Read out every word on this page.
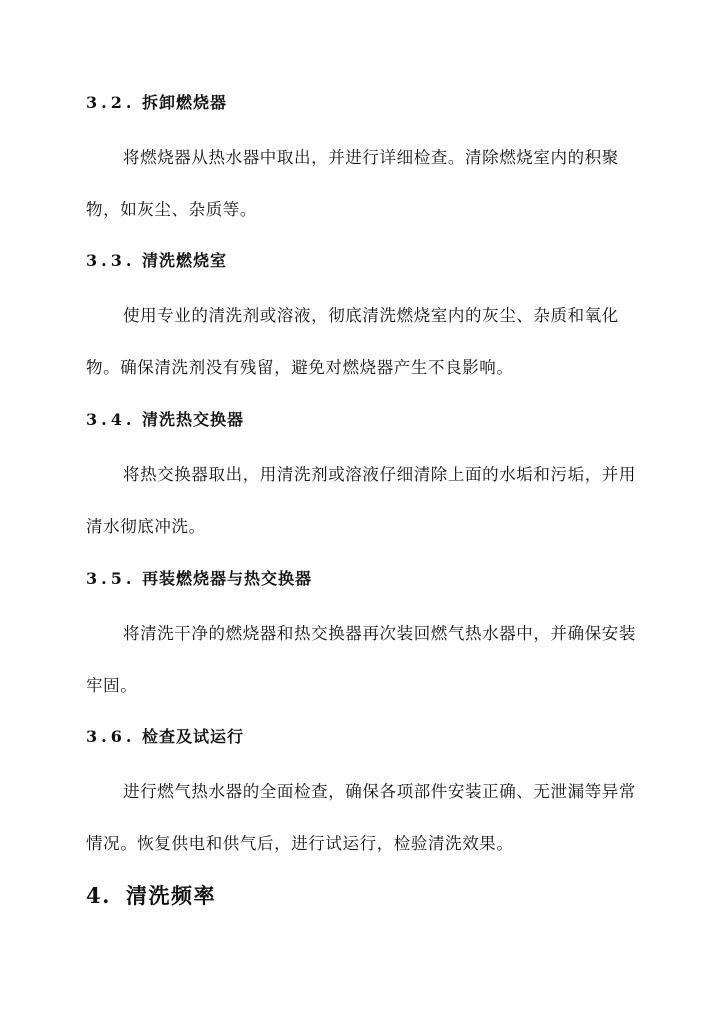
3.2. 拆卸燃烧器

将燃烧器从热水器中取出，并进行详细检查。清除燃烧室内的积聚物，如灰尘、杂质等。

3.3. 清洗燃烧室

使用专业的清洗剂或溶液，彻底清洗燃烧室内的灰尘、杂质和氧化物。确保清洗剂没有残留，避免对燃烧器产生不良影响。

3.4. 清洗热交换器

将热交换器取出，用清洗剂或溶液仔细清除上面的水垢和污垢，并用清水彻底冲洗。

3.5. 再装燃烧器与热交换器

将清洗干净的燃烧器和热交换器再次装回燃气热水器中，并确保安装牢固。

3.6. 检查及试运行

进行燃气热水器的全面检查，确保各项部件安装正确、无泄漏等异常情况。恢复供电和供气后，进行试运行，检验清洗效果。

4. 清洗频率
